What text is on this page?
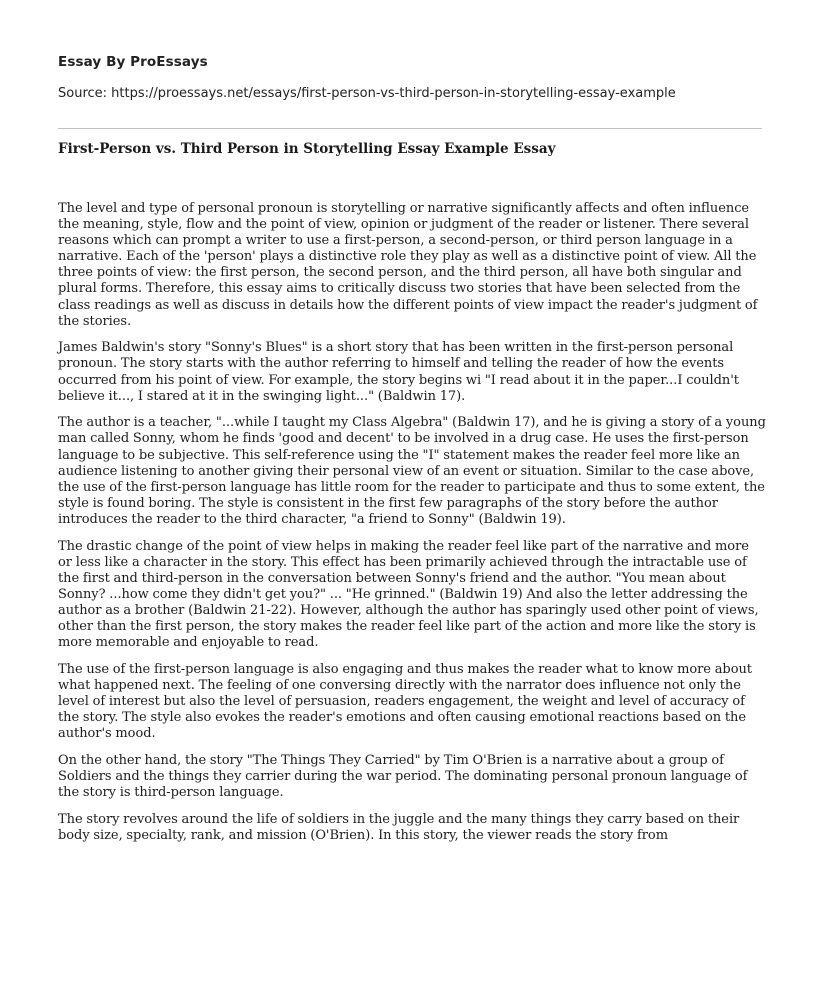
Essay By ProEssays
Source: https://proessays.net/essays/first-person-vs-third-person-in-storytelling-essay-example
First-Person vs. Third Person in Storytelling Essay Example Essay

The level and type of personal pronoun is storytelling or narrative significantly affects and often influence the meaning, style, flow and the point of view, opinion or judgment of the reader or listener. There several reasons which can prompt a writer to use a first-person, a second-person, or third person language in a narrative. Each of the 'person' plays a distinctive role they play as well as a distinctive point of view. All the three points of view: the first person, the second person, and the third person, all have both singular and plural forms. Therefore, this essay aims to critically discuss two stories that have been selected from the class readings as well as discuss in details how the different points of view impact the reader's judgment of the stories.

James Baldwin's story "Sonny's Blues" is a short story that has been written in the first-person personal pronoun. The story starts with the author referring to himself and telling the reader of how the events occurred from his point of view. For example, the story begins wi "I read about it in the paper...I couldn't believe it..., I stared at it in the swinging light..." (Baldwin 17).

The author is a teacher, "...while I taught my Class Algebra" (Baldwin 17), and he is giving a story of a young man called Sonny, whom he finds 'good and decent' to be involved in a drug case. He uses the first-person language to be subjective. This self-reference using the "I" statement makes the reader feel more like an audience listening to another giving their personal view of an event or situation. Similar to the case above, the use of the first-person language has little room for the reader to participate and thus to some extent, the style is found boring. The style is consistent in the first few paragraphs of the story before the author introduces the reader to the third character, "a friend to Sonny" (Baldwin 19).

The drastic change of the point of view helps in making the reader feel like part of the narrative and more or less like a character in the story. This effect has been primarily achieved through the intractable use of the first and third-person in the conversation between Sonny's friend and the author. "You mean about Sonny? ...how come they didn't get you?" ... "He grinned." (Baldwin 19) And also the letter addressing the author as a brother (Baldwin 21-22). However, although the author has sparingly used other point of views, other than the first person, the story makes the reader feel like part of the action and more like the story is more memorable and enjoyable to read.

The use of the first-person language is also engaging and thus makes the reader what to know more about what happened next. The feeling of one conversing directly with the narrator does influence not only the level of interest but also the level of persuasion, readers engagement, the weight and level of accuracy of the story. The style also evokes the reader's emotions and often causing emotional reactions based on the author's mood.

On the other hand, the story "The Things They Carried" by Tim O'Brien is a narrative about a group of Soldiers and the things they carrier during the war period. The dominating personal pronoun language of the story is third-person language.

The story revolves around the life of soldiers in the juggle and the many things they carry based on their body size, specialty, rank, and mission (O'Brien). In this story, the viewer reads the story from
